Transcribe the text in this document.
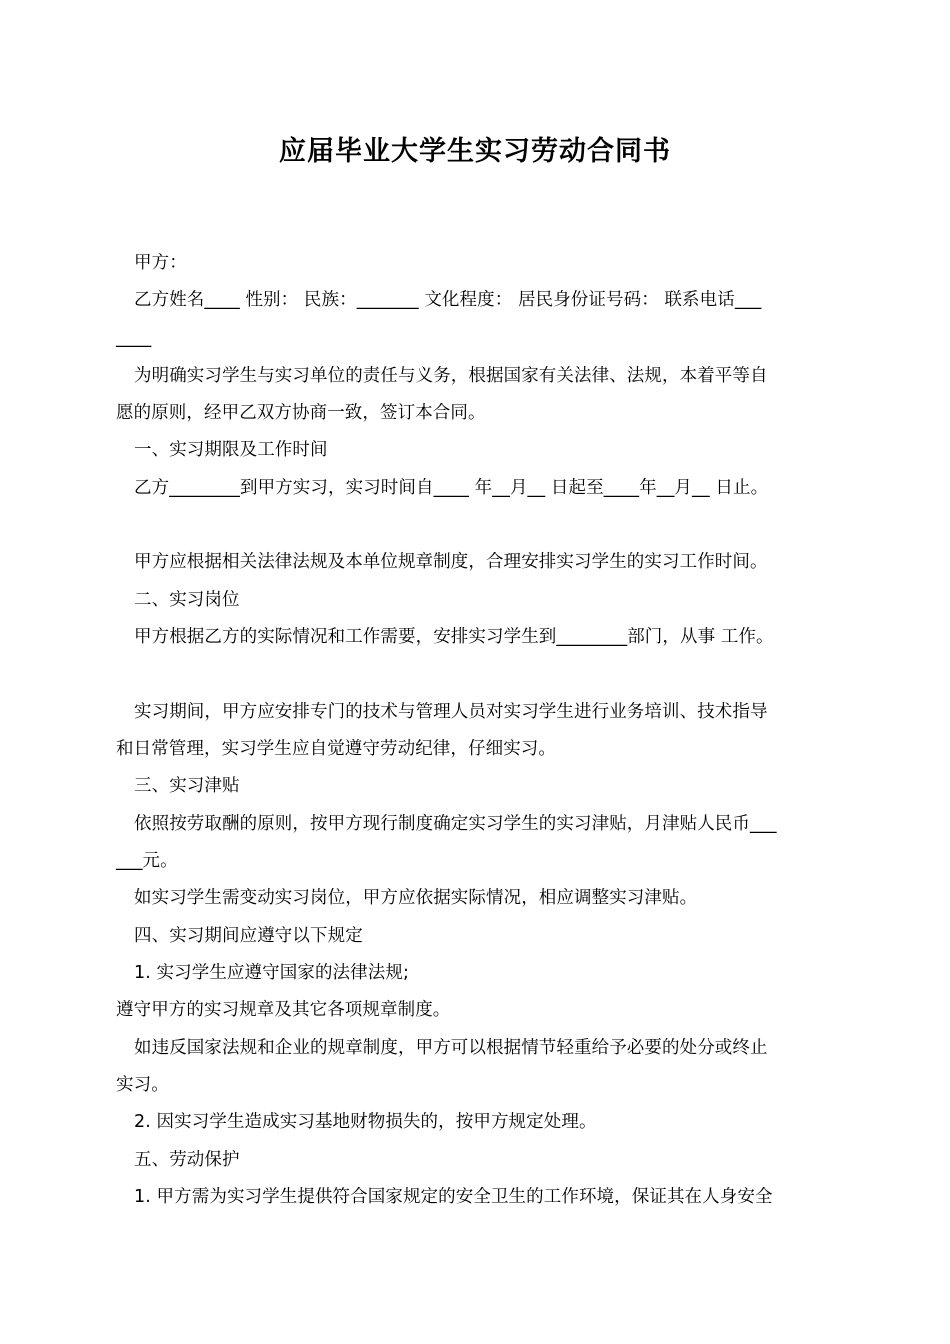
应届毕业大学生实习劳动合同书
甲方：
乙方姓名____ 性别： 民族：_______ 文化程度： 居民身份证号码： 联系电话___
____
为明确实习学生与实习单位的责任与义务，根据国家有关法律、法规，本着平等自
愿的原则，经甲乙双方协商一致，签订本合同。
一、实习期限及工作时间
乙方________到甲方实习，实习时间自____ 年__月__ 日起至____年__月__ 日止。
甲方应根据相关法律法规及本单位规章制度，合理安排实习学生的实习工作时间。
二、实习岗位
甲方根据乙方的实际情况和工作需要，安排实习学生到________部门，从事 工作。
实习期间，甲方应安排专门的技术与管理人员对实习学生进行业务培训、技术指导
和日常管理，实习学生应自觉遵守劳动纪律，仔细实习。
三、实习津贴
依照按劳取酬的原则，按甲方现行制度确定实习学生的实习津贴，月津贴人民币___
___元。
如实习学生需变动实习岗位，甲方应依据实际情况，相应调整实习津贴。
四、实习期间应遵守以下规定
1. 实习学生应遵守国家的法律法规;
遵守甲方的实习规章及其它各项规章制度。
如违反国家法规和企业的规章制度，甲方可以根据情节轻重给予必要的处分或终止
实习。
2. 因实习学生造成实习基地财物损失的，按甲方规定处理。
五、劳动保护
1. 甲方需为实习学生提供符合国家规定的安全卫生的工作环境，保证其在人身安全
